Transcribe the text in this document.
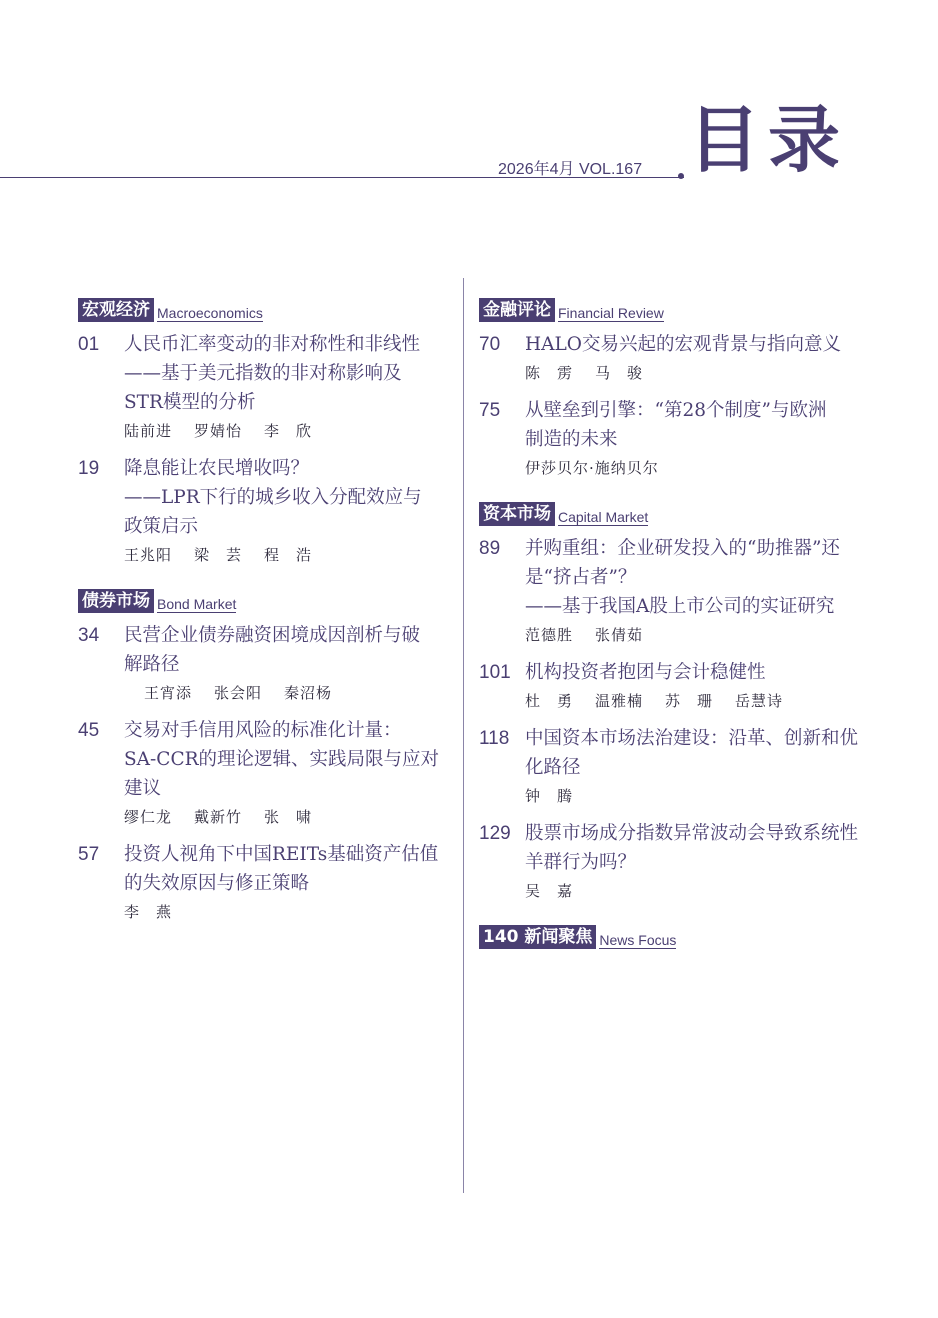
2026年4月 VOL.167 目录
宏观经济 Macroeconomics
01	人民币汇率变动的非对称性和非线性
——基于美元指数的非对称影响及
STR模型的分析
陆前进 罗婧怡 李　欣
19	降息能让农民增收吗？
——LPR下行的城乡收入分配效应与
政策启示
王兆阳 梁　芸 程　浩
债券市场 Bond Market
34	民营企业债券融资困境成因剖析与破
解路径
王宵添 张会阳 秦沼杨
45	交易对手信用风险的标准化计量：
SA-CCR的理论逻辑、实践局限与应对
建议
缪仁龙 戴新竹 张　啸
57	投资人视角下中国REITs基础资产估值
的失效原因与修正策略
李　燕
金融评论 Financial Review
70	HALO交易兴起的宏观背景与指向意义
陈　雳 马　骏
75	从壁垒到引擎：“第28个制度”与欧洲
制造的未来
伊莎贝尔·施纳贝尔
资本市场 Capital Market
89	并购重组：企业研发投入的“助推器”还
是“挤占者”？
——基于我国A股上市公司的实证研究
范德胜 张倩茹
101 机构投资者抱团与会计稳健性
杜　勇 温雅楠 苏　珊 岳慧诗
118 中国资本市场法治建设：沿革、创新和优
化路径
钟　腾
129 股票市场成分指数异常波动会导致系统性
羊群行为吗？
吴　嘉
140 新闻聚焦 News Focus
